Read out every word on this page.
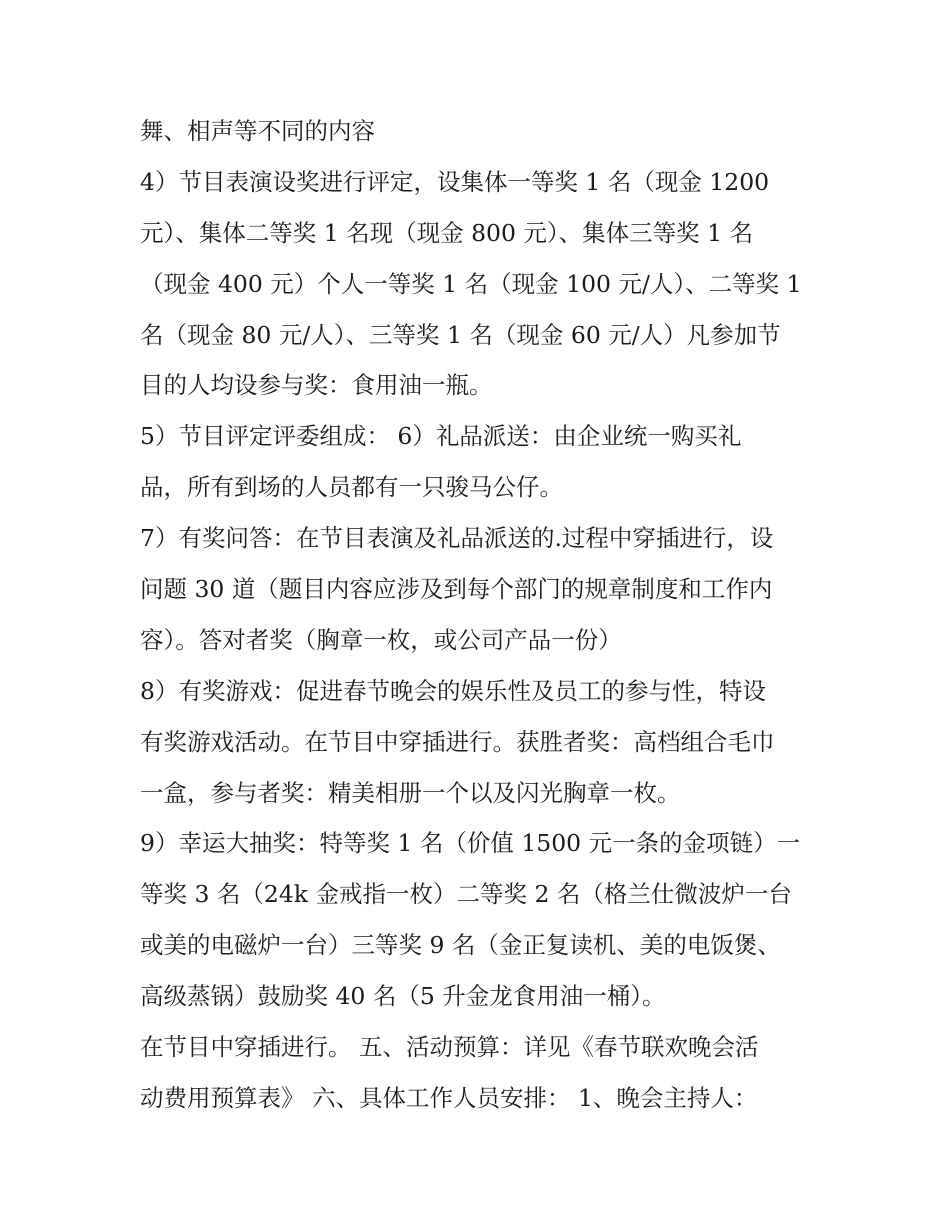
舞、相声等不同的内容
4）节目表演设奖进行评定，设集体一等奖 1 名（现金 1200
元）、集体二等奖 1 名现（现金 800 元）、集体三等奖 1 名
（现金 400 元）个人一等奖 1 名（现金 100 元/人）、二等奖 1
名（现金 80 元/人）、三等奖 1 名（现金 60 元/人）凡参加节
目的人均设参与奖：食用油一瓶。
5）节目评定评委组成： 6）礼品派送：由企业统一购买礼
品，所有到场的人员都有一只骏马公仔。
7）有奖问答：在节目表演及礼品派送的.过程中穿插进行，设
问题 30 道（题目内容应涉及到每个部门的规章制度和工作内
容）。答对者奖（胸章一枚，或公司产品一份）
8）有奖游戏：促进春节晚会的娱乐性及员工的参与性，特设
有奖游戏活动。在节目中穿插进行。获胜者奖：高档组合毛巾
一盒，参与者奖：精美相册一个以及闪光胸章一枚。
9）幸运大抽奖：特等奖 1 名（价值 1500 元一条的金项链）一
等奖 3 名（24k 金戒指一枚）二等奖 2 名（格兰仕微波炉一台
或美的电磁炉一台）三等奖 9 名（金正复读机、美的电饭煲、
高级蒸锅）鼓励奖 40 名（5 升金龙食用油一桶）。
在节目中穿插进行。 五、活动预算：详见《春节联欢晚会活
动费用预算表》 六、具体工作人员安排： 1、晚会主持人：
